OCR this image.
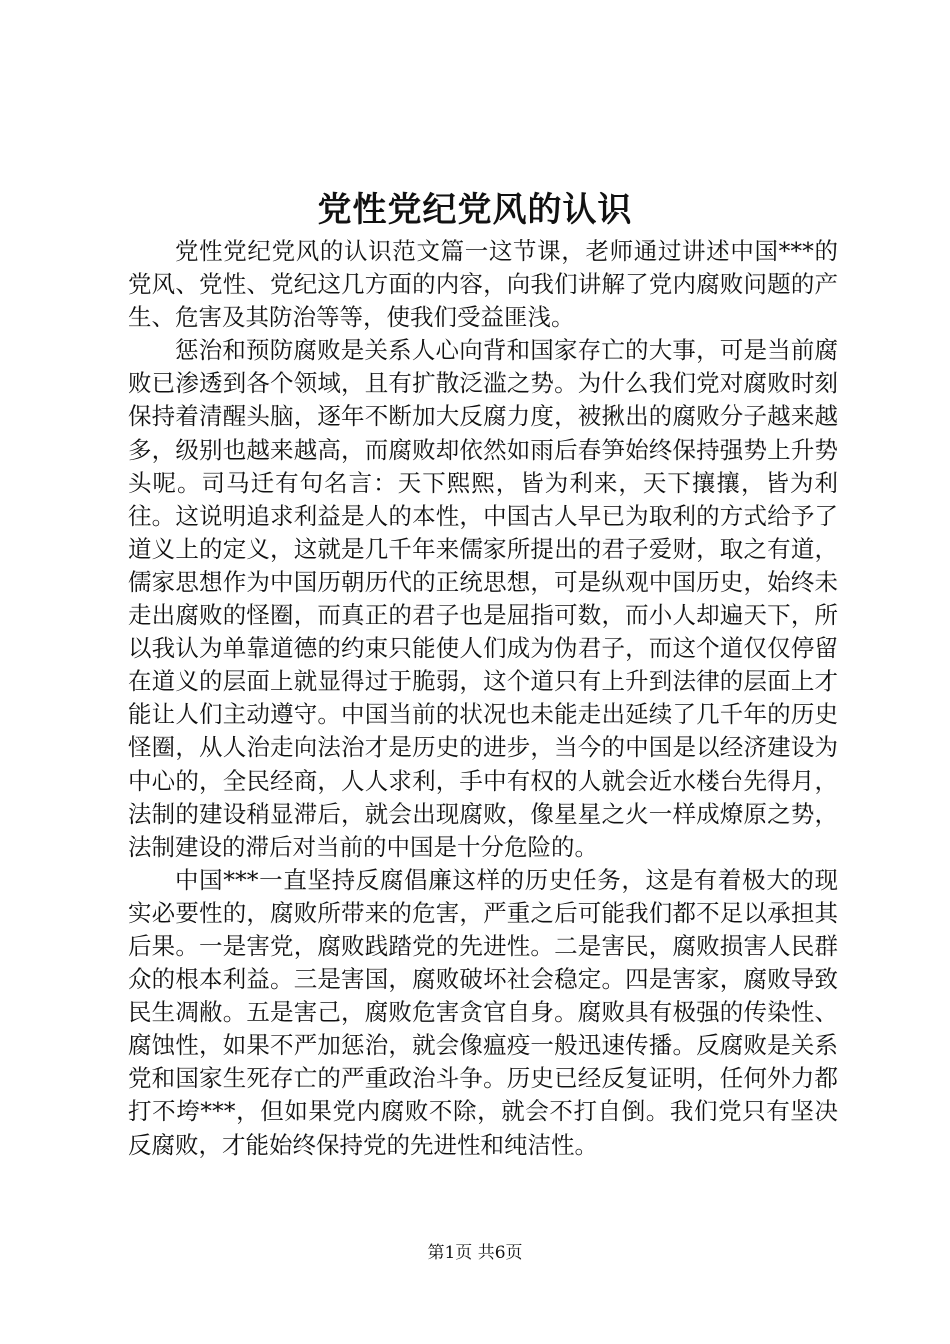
党性党纪党风的认识

党性党纪党风的认识范文篇一这节课，老师通过讲述中国***的党风、党性、党纪这几方面的内容，向我们讲解了党内腐败问题的产生、危害及其防治等等，使我们受益匪浅。

惩治和预防腐败是关系人心向背和国家存亡的大事，可是当前腐败已渗透到各个领域，且有扩散泛滥之势。为什么我们党对腐败时刻保持着清醒头脑，逐年不断加大反腐力度，被揪出的腐败分子越来越多，级别也越来越高，而腐败却依然如雨后春笋始终保持强势上升势头呢。司马迁有句名言：天下熙熙，皆为利来，天下攘攘，皆为利往。这说明追求利益是人的本性，中国古人早已为取利的方式给予了道义上的定义，这就是几千年来儒家所提出的君子爱财，取之有道，儒家思想作为中国历朝历代的正统思想，可是纵观中国历史，始终未走出腐败的怪圈，而真正的君子也是屈指可数，而小人却遍天下，所以我认为单靠道德的约束只能使人们成为伪君子，而这个道仅仅停留在道义的层面上就显得过于脆弱，这个道只有上升到法律的层面上才能让人们主动遵守。中国当前的状况也未能走出延续了几千年的历史怪圈，从人治走向法治才是历史的进步，当今的中国是以经济建设为中心的，全民经商，人人求利，手中有权的人就会近水楼台先得月，法制的建设稍显滞后，就会出现腐败，像星星之火一样成燎原之势，法制建设的滞后对当前的中国是十分危险的。

中国***一直坚持反腐倡廉这样的历史任务，这是有着极大的现实必要性的，腐败所带来的危害，严重之后可能我们都不足以承担其后果。一是害党，腐败践踏党的先进性。二是害民，腐败损害人民群众的根本利益。三是害国，腐败破坏社会稳定。四是害家，腐败导致民生凋敝。五是害己，腐败危害贪官自身。腐败具有极强的传染性、腐蚀性，如果不严加惩治，就会像瘟疫一般迅速传播。反腐败是关系党和国家生死存亡的严重政治斗争。历史已经反复证明，任何外力都打不垮***，但如果党内腐败不除，就会不打自倒。我们党只有坚决反腐败，才能始终保持党的先进性和纯洁性。

第1页 共6页
